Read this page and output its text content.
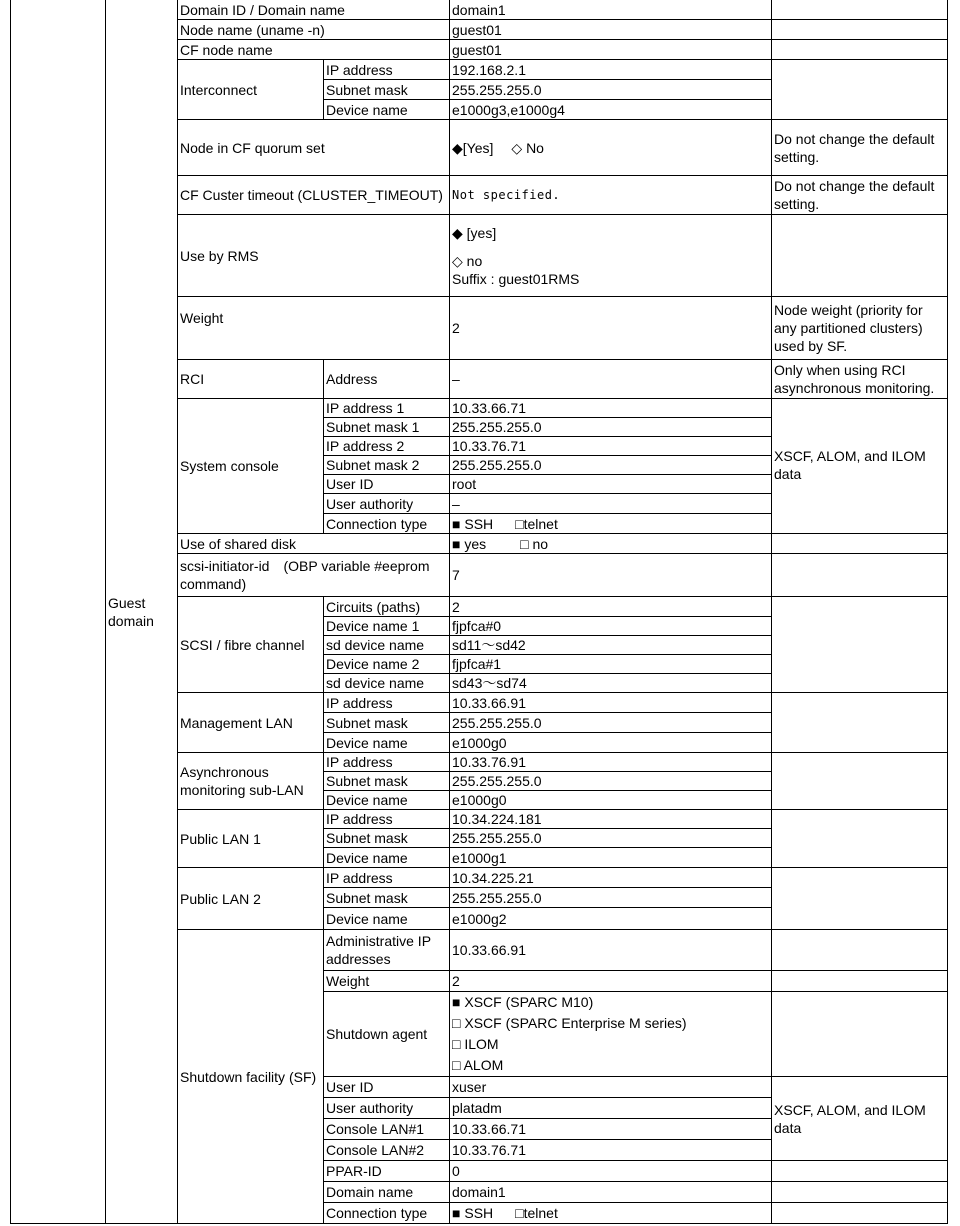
	Guest domain	Domain ID / Domain name		domain1	
		Node name (uname -n)		guest01	
		CF node name		guest01	
		Interconnect	IP address	192.168.2.1	
			Subnet mask	255.255.255.0	
			Device name	e1000g3,e1000g4	
		Node in CF quorum set		◆[Yes] ◇ No	Do not change the default setting.
		CF Custer timeout (CLUSTER_TIMEOUT)		Not specified.	Do not change the default setting.
		Use by RMS		◆ [yes]
◇ no
Suffix : guest01RMS	

		Weight		2	Node weight (priority for any partitioned clusters) used by SF.
		RCI	Address	–	Only when using RCI asynchronous monitoring.
		System console	IP address 1	10.33.66.71	XSCF, ALOM, and ILOM data
			Subnet mask 1	255.255.255.0	
			IP address 2	10.33.76.71	
			Subnet mask 2	255.255.255.0	
			User ID	root	
			User authority	–	
			Connection type	■ SSH □telnet	
		Use of shared disk		■ yes □ no	
		scsi-initiator-id　(OBP variable #eeprom command)		7	
		SCSI / fibre channel	Circuits (paths)	2	
			Device name 1	fjpfca#0	
			sd device name	sd11～sd42	
			Device name 2	fjpfca#1	
			sd device name	sd43～sd74	
		Management LAN	IP address	10.33.66.91	
			Subnet mask	255.255.255.0	
			Device name	e1000g0	
		Asynchronous monitoring sub-LAN	IP address	10.33.76.91	
			Subnet mask	255.255.255.0	
			Device name	e1000g0	
		Public LAN 1	IP address	10.34.224.181	
			Subnet mask	255.255.255.0	
			Device name	e1000g1	
		Public LAN 2	IP address	10.34.225.21	
			Subnet mask	255.255.255.0	
			Device name	e1000g2	
		Shutdown facility (SF)	Administrative IP addresses	10.33.66.91	
			Weight	2	
			Shutdown agent	■ XSCF (SPARC M10)
□ XSCF (SPARC Enterprise M series)
□ ILOM
□ ALOM	

			User ID	xuser	XSCF, ALOM, and ILOM data
			User authority	platadm	
			Console LAN#1	10.33.66.71	
			Console LAN#2	10.33.76.71	
			PPAR-ID	0	
			Domain name	domain1	
			Connection type	■ SSH □telnet	
